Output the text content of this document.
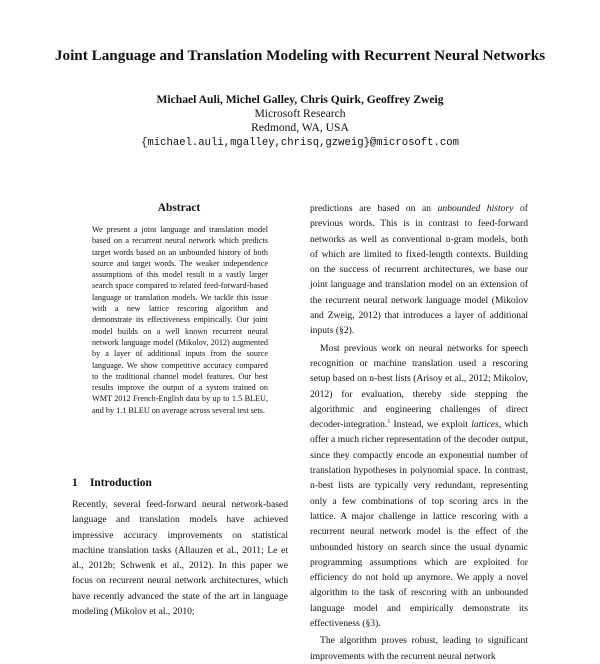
Joint Language and Translation Modeling with Recurrent Neural Networks
Michael Auli, Michel Galley, Chris Quirk, Geoffrey Zweig
Microsoft Research
Redmond, WA, USA
{michael.auli,mgalley,chrisq,gzweig}@microsoft.com
Abstract

We present a joint language and translation model based on a recurrent neural network which predicts target words based on an unbounded history of both source and target words. The weaker independence assumptions of this model result in a vastly larger search space compared to related feed-forward-based language or translation models. We tackle this issue with a new lattice rescoring algorithm and demonstrate its effectiveness empirically. Our joint model builds on a well known recurrent neural network language model (Mikolov, 2012) augmented by a layer of additional inputs from the source language. We show competitive accuracy compared to the traditional channel model features. Our best results improve the output of a system trained on WMT 2012 French-English data by up to 1.5 BLEU, and by 1.1 BLEU on average across several test sets.

1 Introduction

Recently, several feed-forward neural network-based language and translation models have achieved impressive accuracy improvements on statistical machine translation tasks (Allauzen et al., 2011; Le et al., 2012b; Schwenk et al., 2012). In this paper we focus on recurrent neural network architectures, which have recently advanced the state of the art in language modeling (Mikolov et al., 2010;

predictions are based on an unbounded history of previous words. This is in contrast to feed-forward networks as well as conventional n-gram models, both of which are limited to fixed-length contexts. Building on the success of recurrent architectures, we base our joint language and translation model on an extension of the recurrent neural network language model (Mikolov and Zweig, 2012) that introduces a layer of additional inputs (§2).

Most previous work on neural networks for speech recognition or machine translation used a rescoring setup based on n-best lists (Arisoy et al., 2012; Mikolov, 2012) for evaluation, thereby side stepping the algorithmic and engineering challenges of direct decoder-integration.$^1$ Instead, we exploit lattices, which offer a much richer representation of the decoder output, since they compactly encode an exponential number of translation hypotheses in polynomial space. In contrast, n-best lists are typically very redundant, representing only a few combinations of top scoring arcs in the lattice. A major challenge in lattice rescoring with a recurrent neural network model is the effect of the unbounded history on search since the usual dynamic programming assumptions which are exploited for efficiency do not hold up anymore. We apply a novel algorithm to the task of rescoring with an unbounded language model and empirically demonstrate its effectiveness (§3).

The algorithm proves robust, leading to significant improvements with the recurrent neural network
